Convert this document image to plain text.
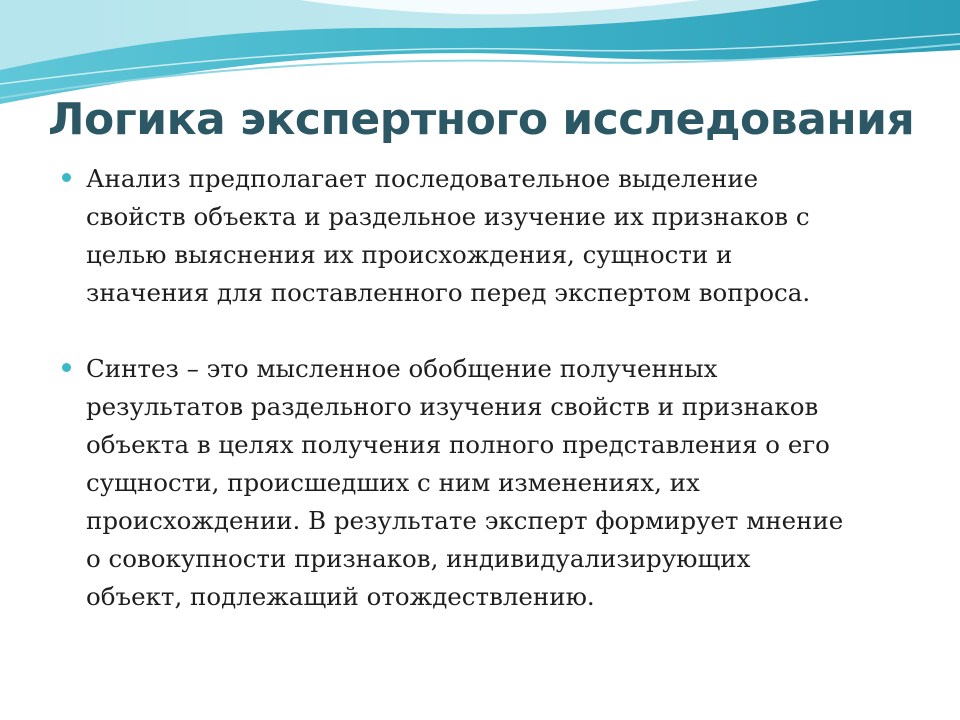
Логика экспертного исследования
Анализ предполагает последовательное выделение
свойств объекта и раздельное изучение их признаков с
целью выяснения их происхождения, сущности и
значения для поставленного перед экспертом вопроса.
Синтез – это мысленное обобщение полученных
результатов раздельного изучения свойств и признаков
объекта в целях получения полного представления о его
сущности, происшедших с ним изменениях, их
происхождении. В результате эксперт формирует мнение
о совокупности признаков, индивидуализирующих
объект, подлежащий отождествлению.
